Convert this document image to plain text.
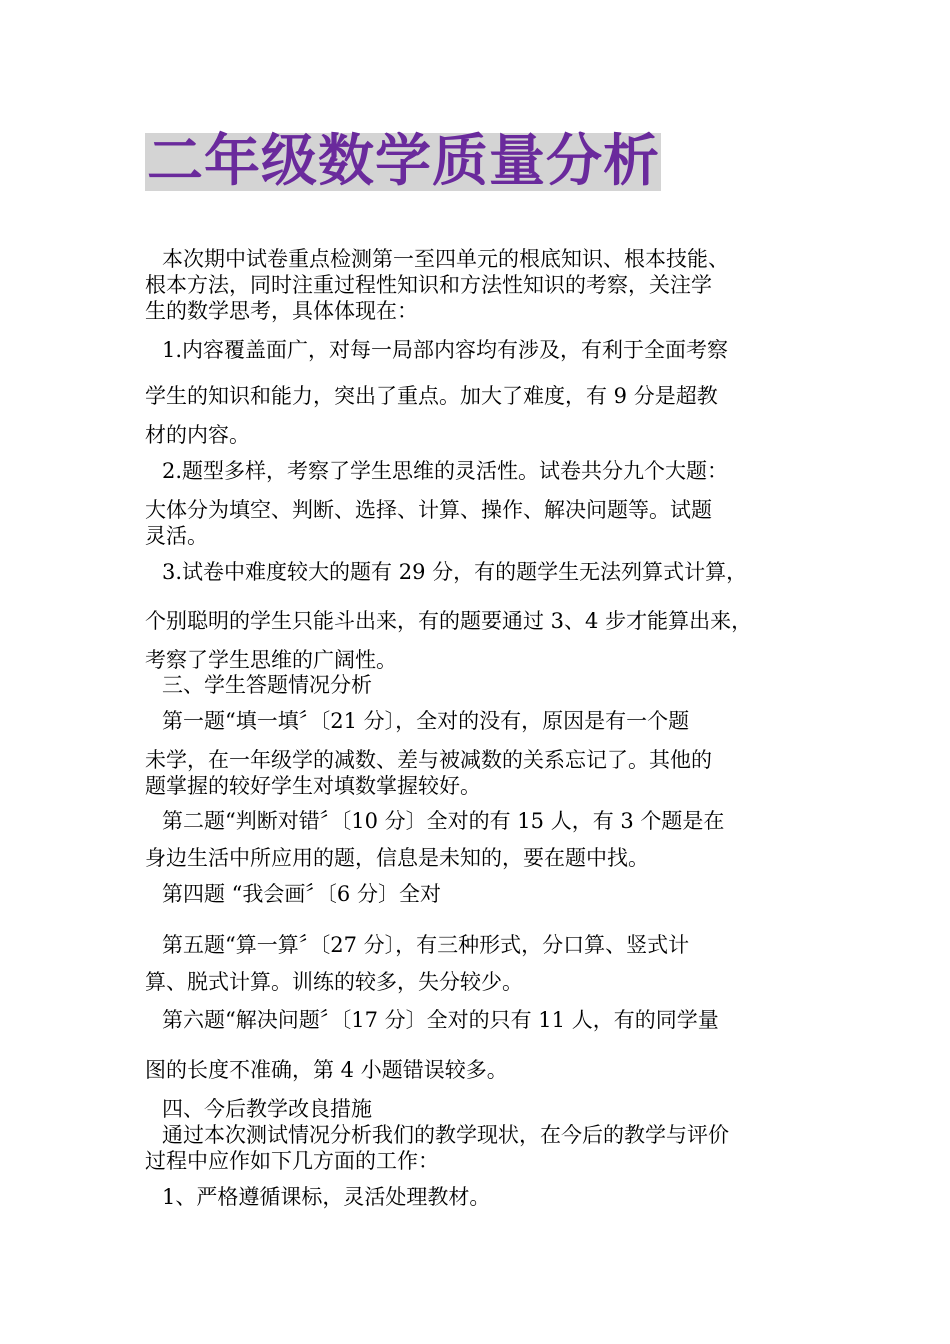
二年级数学质量分析
本次期中试卷重点检测第一至四单元的根底知识、根本技能、
根本方法，同时注重过程性知识和方法性知识的考察，关注学
生的数学思考，具体体现在：
1.内容覆盖面广，对每一局部内容均有涉及，有利于全面考察
学生的知识和能力，突出了重点。加大了难度，有 9 分是超教
材的内容。
2.题型多样，考察了学生思维的灵活性。试卷共分九个大题：
大体分为填空、判断、选择、计算、操作、解决问题等。试题
灵活。
3.试卷中难度较大的题有 29 分，有的题学生无法列算式计算，
个别聪明的学生只能斗出来，有的题要通过 3、4 步才能算出来，
考察了学生思维的广阔性。
三、学生答题情况分析
第一题“填一填〞〔21 分〕，全对的没有，原因是有一个题
未学，在一年级学的减数、差与被减数的关系忘记了。其他的
题掌握的较好学生对填数掌握较好。
第二题“判断对错〞〔10 分〕全对的有 15 人，有 3 个题是在
身边生活中所应用的题，信息是未知的，要在题中找。
第四题 “我会画〞〔6 分〕全对
第五题“算一算〞〔27 分〕，有三种形式，分口算、竖式计
算、脱式计算。训练的较多，失分较少。
第六题“解决问题〞〔17 分〕全对的只有 11 人，有的同学量
图的长度不准确，第 4 小题错误较多。
四、今后教学改良措施
通过本次测试情况分析我们的教学现状，在今后的教学与评价
过程中应作如下几方面的工作：
1、严格遵循课标，灵活处理教材。
